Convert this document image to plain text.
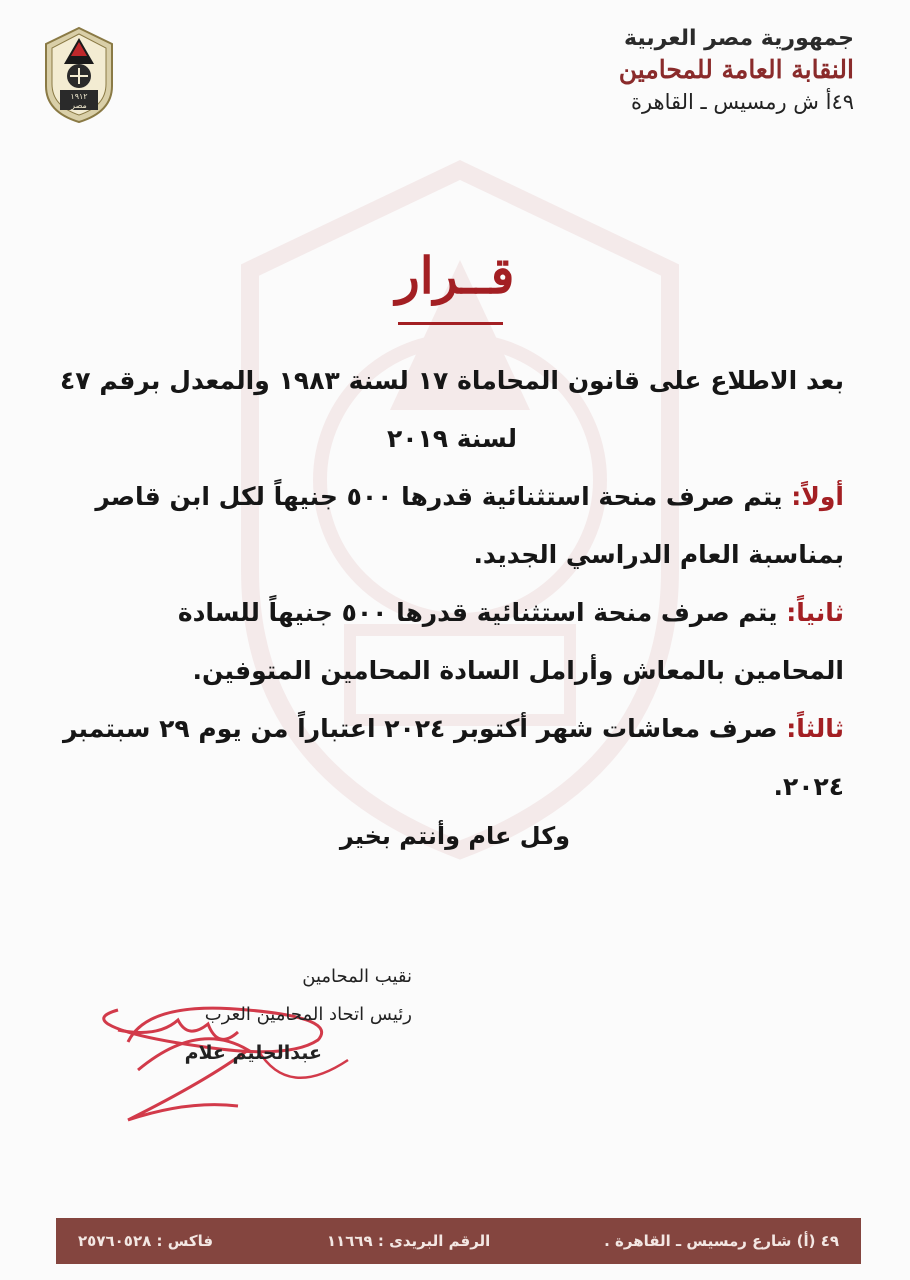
١٩١٢
مصر
جمهورية مصر العربية
النقابة العامة للمحامين
٤٩أ ش رمسيس ـ القاهرة
قــرار

بعد الاطلاع على قانون المحاماة ١٧ لسنة ١٩٨٣ والمعدل برقم ٤٧ لسنة ٢٠١٩

أولاً: يتم صرف منحة استثنائية قدرها ٥٠٠ جنيهاً لكل ابن قاصر بمناسبة العام الدراسي الجديد.

ثانياً: يتم صرف منحة استثنائية قدرها ٥٠٠ جنيهاً للسادة المحامين بالمعاش وأرامل السادة المحامين المتوفين.

ثالثاً: صرف معاشات شهر أكتوبر ٢٠٢٤ اعتباراً من يوم ٢٩ سبتمبر ٢٠٢٤.

وكل عام وأنتم بخير
نقيب المحامين
رئيس اتحاد المحامين العرب
عبدالحليم علام
٤٩ (أ) شارع رمسيس ـ القاهرة .
الرقم البريدى : ١١٦٦٩
فاكس : ٢٥٧٦٠٥٢٨
